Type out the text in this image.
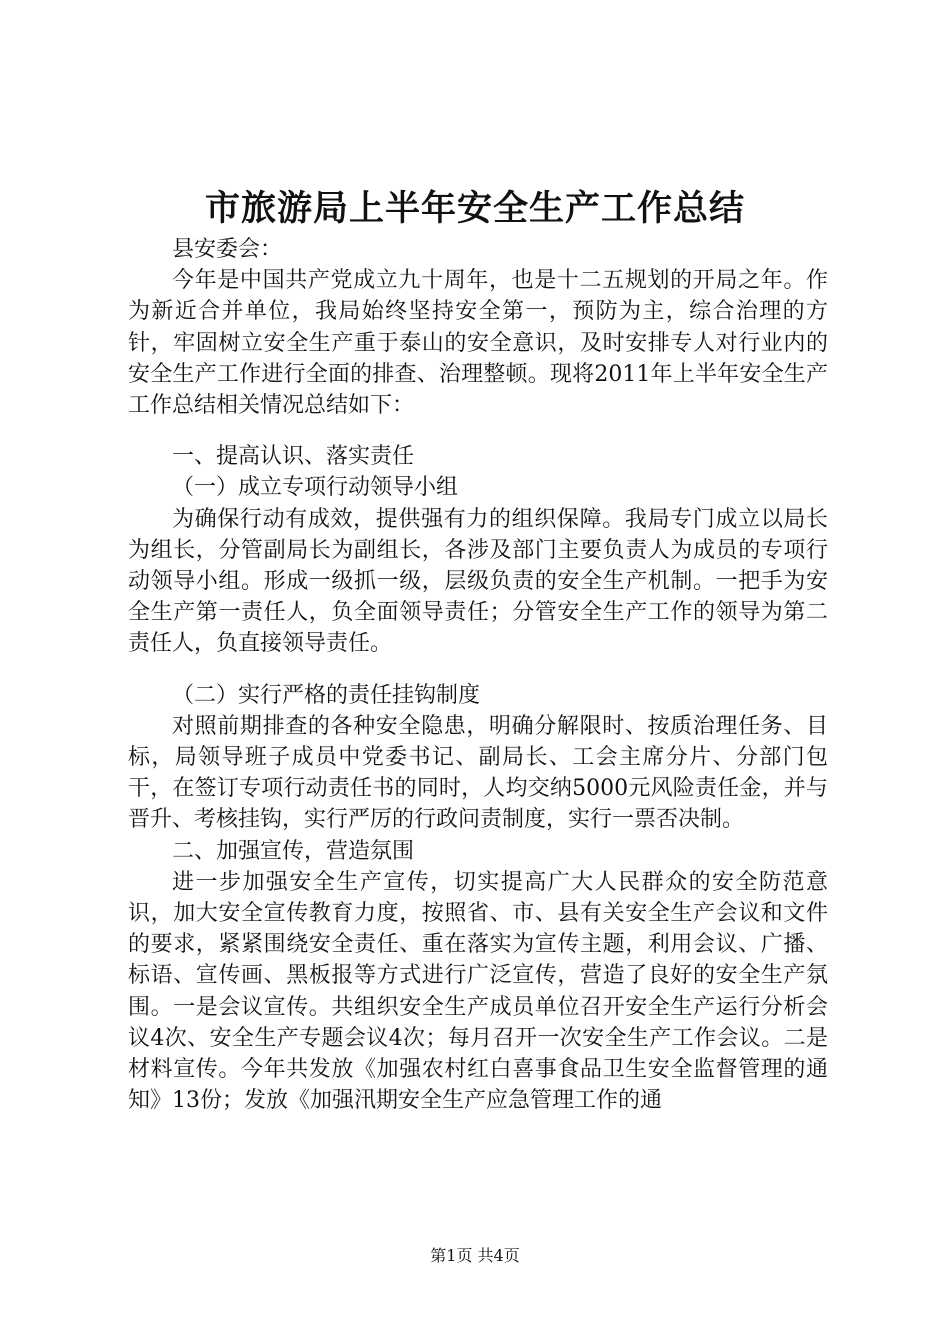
市旅游局上半年安全生产工作总结

县安委会：

今年是中国共产党成立九十周年，也是十二五规划的开局之年。作为新近合并单位，我局始终坚持安全第一，预防为主，综合治理的方针，牢固树立安全生产重于泰山的安全意识，及时安排专人对行业内的安全生产工作进行全面的排查、治理整顿。现将2011年上半年安全生产工作总结相关情况总结如下：

一、提高认识、落实责任

（一）成立专项行动领导小组

为确保行动有成效，提供强有力的组织保障。我局专门成立以局长为组长，分管副局长为副组长，各涉及部门主要负责人为成员的专项行动领导小组。形成一级抓一级，层级负责的安全生产机制。一把手为安全生产第一责任人，负全面领导责任；分管安全生产工作的领导为第二责任人，负直接领导责任。

（二）实行严格的责任挂钩制度

对照前期排查的各种安全隐患，明确分解限时、按质治理任务、目标，局领导班子成员中党委书记、副局长、工会主席分片、分部门包干，在签订专项行动责任书的同时，人均交纳5000元风险责任金，并与晋升、考核挂钩，实行严厉的行政问责制度，实行一票否决制。

二、加强宣传，营造氛围

进一步加强安全生产宣传，切实提高广大人民群众的安全防范意识，加大安全宣传教育力度，按照省、市、县有关安全生产会议和文件的要求，紧紧围绕安全责任、重在落实为宣传主题，利用会议、广播、标语、宣传画、黑板报等方式进行广泛宣传，营造了良好的安全生产氛围。一是会议宣传。共组织安全生产成员单位召开安全生产运行分析会议4次、安全生产专题会议4次；每月召开一次安全生产工作会议。二是材料宣传。今年共发放《加强农村红白喜事食品卫生安全监督管理的通知》13份；发放《加强汛期安全生产应急管理工作的通

第1页 共4页
